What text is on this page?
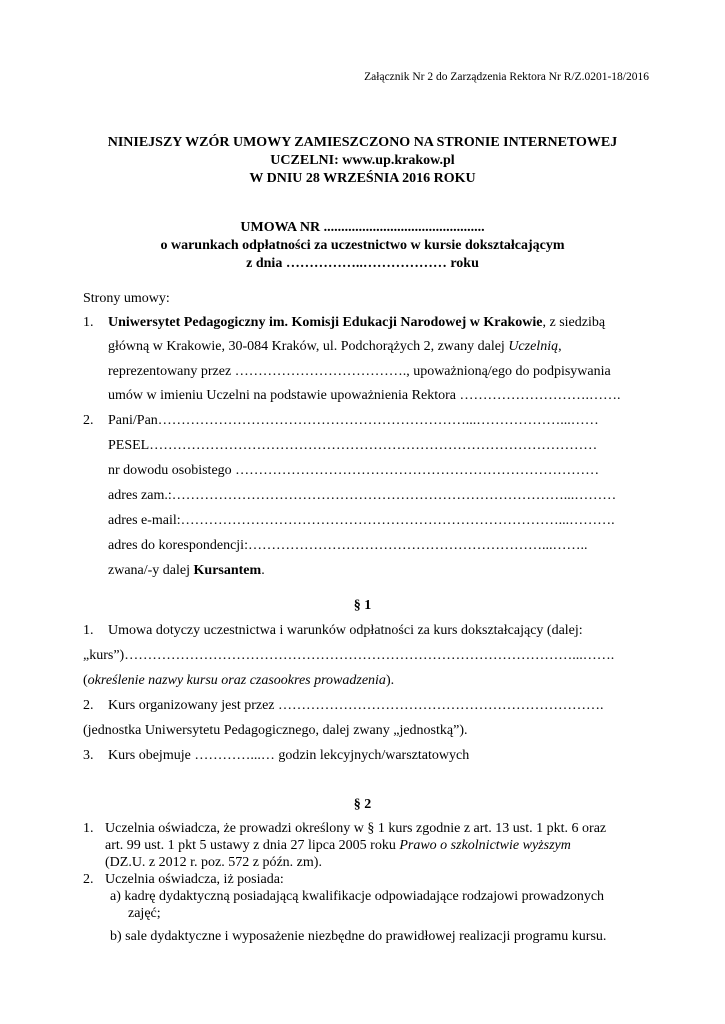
Załącznik Nr 2 do Zarządzenia Rektora Nr R/Z.0201-18/2016
NINIEJSZY WZÓR UMOWY ZAMIESZCZONO NA STRONIE INTERNETOWEJ
UCZELNI: www.up.krakow.pl
W DNIU 28 WRZEŚNIA 2016 ROKU
UMOWA NR ..............................................
o warunkach odpłatności za uczestnictwo w kursie dokształcającym
z dnia ……………..……………… roku
Strony umowy:
1. Uniwersytet Pedagogiczny im. Komisji Edukacji Narodowej w Krakowie, z siedzibą
główną w Krakowie, 30-084 Kraków, ul. Podchorążych 2, zwany dalej Uczelnią,
reprezentowany przez ………………………………., upoważnioną/ego do podpisywania
umów w imieniu Uczelni na podstawie upoważnienia Rektora ……………………….…….
2. Pani/Pan…………………………………………………………...………………...……
PESEL……………………………………………………………………………………
nr dowodu osobistego ……………………………………………………………………
adres zam.:…………………………………………………………………………...………
adres e-mail:………………………………………………………………………...……….
adres do korespondencji:………………………………………………………...……..
zwana/-y dalej Kursantem.
§ 1
1. Umowa dotyczy uczestnictwa i warunków odpłatności za kurs dokształcający (dalej:
„kurs”)……………………………………………………………………………………...…….
(określenie nazwy kursu oraz czasookres prowadzenia).
2. Kurs organizowany jest przez …………………………………………………………….
(jednostka Uniwersytetu Pedagogicznego, dalej zwany „jednostką”).
3. Kurs obejmuje …………...… godzin lekcyjnych/warsztatowych
§ 2
1. Uczelnia oświadcza, że prowadzi określony w § 1 kurs zgodnie z art. 13 ust. 1 pkt. 6 oraz
art. 99 ust. 1 pkt 5 ustawy z dnia 27 lipca 2005 roku Prawo o szkolnictwie wyższym
(DZ.U. z 2012 r. poz. 572 z późn. zm).
2. Uczelnia oświadcza, iż posiada:
a) kadrę dydaktyczną posiadającą kwalifikacje odpowiadające rodzajowi prowadzonych
zajęć;
b) sale dydaktyczne i wyposażenie niezbędne do prawidłowej realizacji programu kursu.
